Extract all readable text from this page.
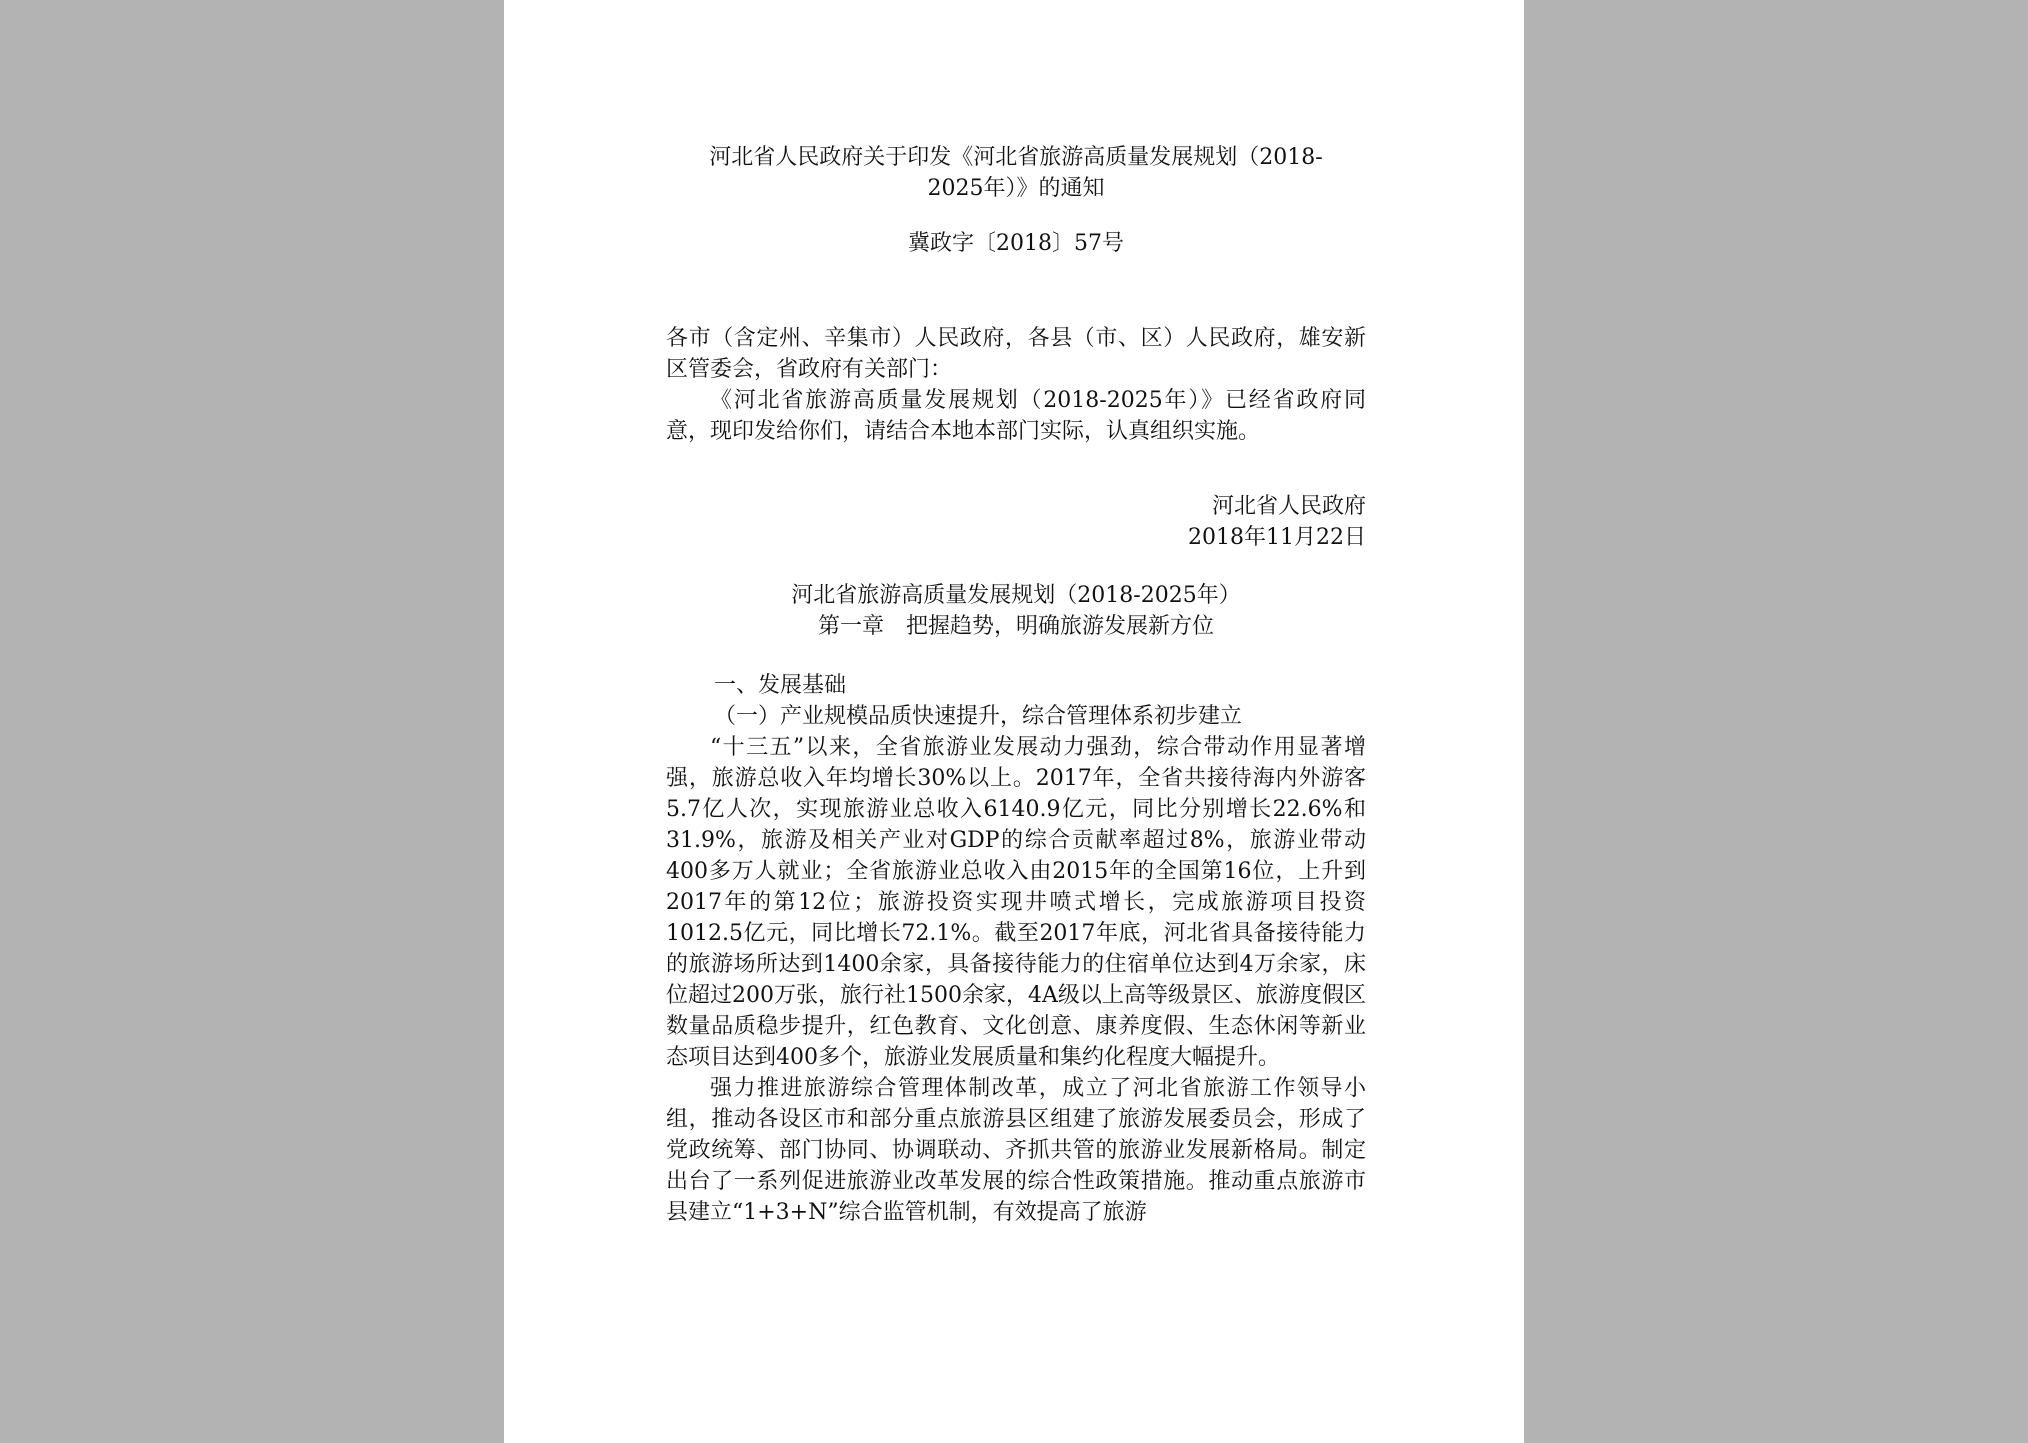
河北省人民政府关于印发《河北省旅游高质量发展规划（2018-
2025年）》的通知

冀政字〔2018〕57号

各市（含定州、辛集市）人民政府，各县（市、区）人民政府，雄安新区管委会，省政府有关部门：

《河北省旅游高质量发展规划（2018-2025年）》已经省政府同意，现印发给你们，请结合本地本部门实际，认真组织实施。

河北省人民政府
2018年11月22日

河北省旅游高质量发展规划（2018-2025年）

第一章　把握趋势，明确旅游发展新方位

一、发展基础

（一）产业规模品质快速提升，综合管理体系初步建立

“十三五”以来，全省旅游业发展动力强劲，综合带动作用显著增强，旅游总收入年均增长30%以上。2017年，全省共接待海内外游客5.7亿人次，实现旅游业总收入6140.9亿元，同比分别增长22.6%和31.9%，旅游及相关产业对GDP的综合贡献率超过8%，旅游业带动400多万人就业；全省旅游业总收入由2015年的全国第16位，上升到2017年的第12位；旅游投资实现井喷式增长，完成旅游项目投资1012.5亿元，同比增长72.1%。截至2017年底，河北省具备接待能力的旅游场所达到1400余家，具备接待能力的住宿单位达到4万余家，床位超过200万张，旅行社1500余家，4A级以上高等级景区、旅游度假区数量品质稳步提升，红色教育、文化创意、康养度假、生态休闲等新业态项目达到400多个，旅游业发展质量和集约化程度大幅提升。

强力推进旅游综合管理体制改革，成立了河北省旅游工作领导小组，推动各设区市和部分重点旅游县区组建了旅游发展委员会，形成了党政统筹、部门协同、协调联动、齐抓共管的旅游业发展新格局。制定出台了一系列促进旅游业改革发展的综合性政策措施。推动重点旅游市县建立“1+3+N”综合监管机制，有效提高了旅游
